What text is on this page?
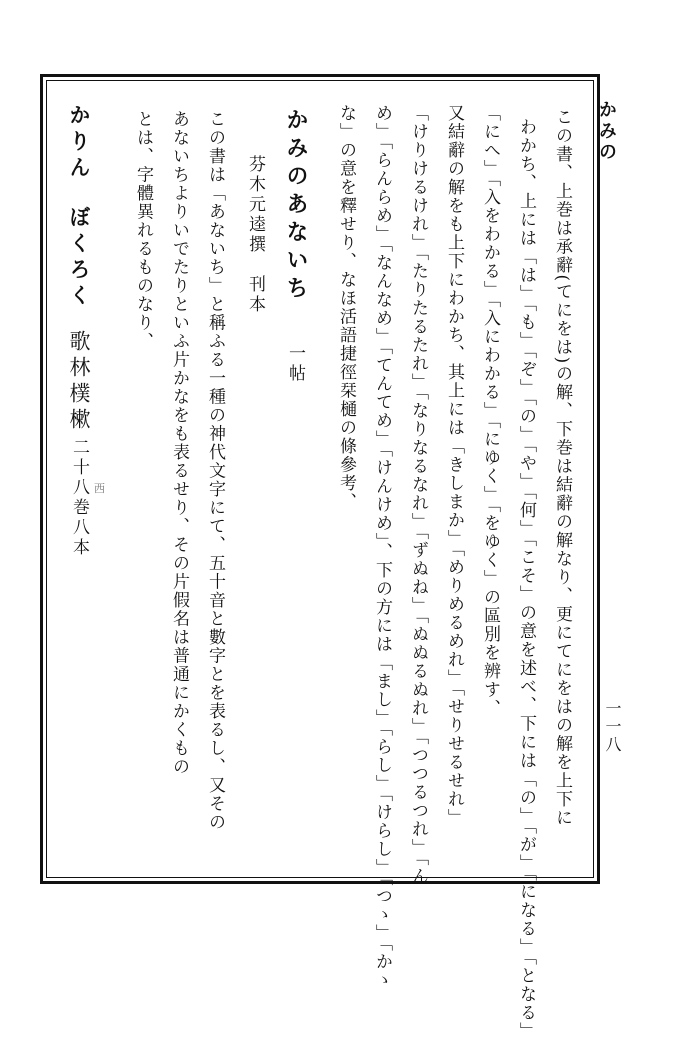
かみの
一一八
この書、上巻は承辭(てにをは)の解、下巻は結辭の解なり、更にてにをはの解を上下に
わかち、上には「は」「も」「ぞ」「の」「や」「何」「こそ」の意を述べ、下には「の」「が」「になる」「となる」
「にへ」「入をわかる」「入にわかる」「にゆく」「をゆく」の區別を辨す、
又結辭の解をも上下にわかち、其上には「きしまか」「めりめるめれ」「せりせるせれ」
「けりけるけれ」「たりたるたれ」「なりなるなれ」「ずぬね」「ぬぬるぬれ」「つつるつれ」「ん
め」「らんらめ」「なんなめ」「てんてめ」「けんけめ」、下の方には「まし」「らし」「けらし」「つゝ」「かゝ
な」の意を釋せり、なほ活語捷徑栞樋の條參考、
かみのあないち
一帖
芬木元逵撰　刊本
この書は「あないち」と稱ふる一種の神代文字にて、五十音と數字とを表るし、又その
あないちよりいでたりといふ片かなをも表るせり、その片假名は普通にかくもの
とは、字體異れるものなり、
かりんぼくろく
歌林樸樕
二十八巻八本 西
